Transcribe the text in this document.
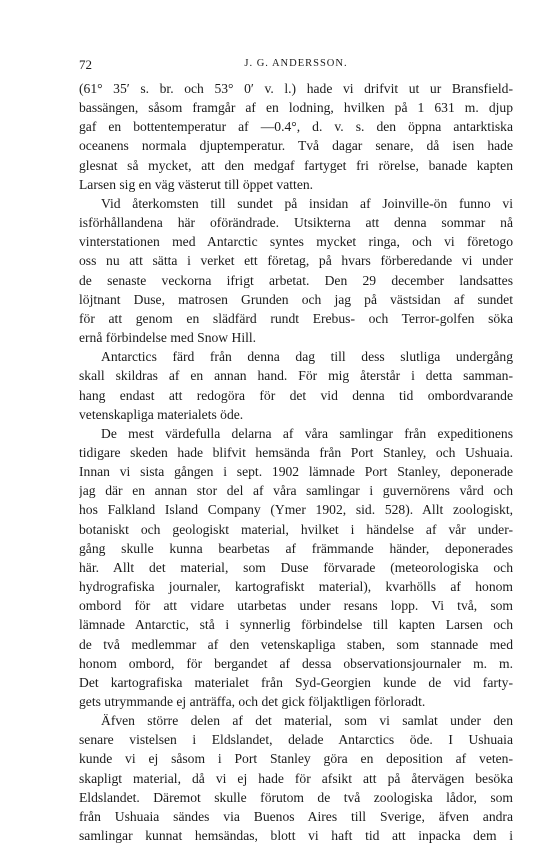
72	J. G. ANDERSSON.
(61° 35′ s. br. och 53° 0′ v. l.) hade vi drifvit ut ur Bransfield-
bassängen, såsom framgår af en lodning, hvilken på 1 631 m. djup
gaf en bottentemperatur af —0.4°, d. v. s. den öppna antarktiska
oceanens normala djuptemperatur. Två dagar senare, då isen hade
glesnat så mycket, att den medgaf fartyget fri rörelse, banade kapten
Larsen sig en väg västerut till öppet vatten.
Vid återkomsten till sundet på insidan af Joinville-ön funno vi
isförhållandena här oförändrade. Utsikterna att denna sommar nå
vinterstationen med Antarctic syntes mycket ringa, och vi företogo
oss nu att sätta i verket ett företag, på hvars förberedande vi under
de senaste veckorna ifrigt arbetat. Den 29 december landsattes
löjtnant Duse, matrosen Grunden och jag på västsidan af sundet
för att genom en slädfärd rundt Erebus- och Terror-golfen söka
ernå förbindelse med Snow Hill.
Antarctics färd från denna dag till dess slutliga undergång
skall skildras af en annan hand. För mig återstår i detta samman-
hang endast att redogöra för det vid denna tid ombordvarande
vetenskapliga materialets öde.
De mest värdefulla delarna af våra samlingar från expeditionens
tidigare skeden hade blifvit hemsända från Port Stanley, och Ushuaia.
Innan vi sista gången i sept. 1902 lämnade Port Stanley, deponerade
jag där en annan stor del af våra samlingar i guvernörens vård och
hos Falkland Island Company (Ymer 1902, sid. 528). Allt zoologiskt,
botaniskt och geologiskt material, hvilket i händelse af vår under-
gång skulle kunna bearbetas af främmande händer, deponerades
här. Allt det material, som Duse förvarade (meteorologiska och
hydrografiska journaler, kartografiskt material), kvarhölls af honom
ombord för att vidare utarbetas under resans lopp. Vi två, som
lämnade Antarctic, stå i synnerlig förbindelse till kapten Larsen och
de två medlemmar af den vetenskapliga staben, som stannade med
honom ombord, för bergandet af dessa observationsjournaler m. m.
Det kartografiska materialet från Syd-Georgien kunde de vid farty-
gets utrymmande ej anträffa, och det gick följaktligen förloradt.
Äfven större delen af det material, som vi samlat under den
senare vistelsen i Eldslandet, delade Antarctics öde. I Ushuaia
kunde vi ej såsom i Port Stanley göra en deposition af veten-
skapligt material, då vi ej hade för afsikt att på återvägen besöka
Eldslandet. Däremot skulle förutom de två zoologiska lådor, som
från Ushuaia sändes via Buenos Aires till Sverige, äfven andra
samlingar kunnat hemsändas, blott vi haft tid att inpacka dem i
